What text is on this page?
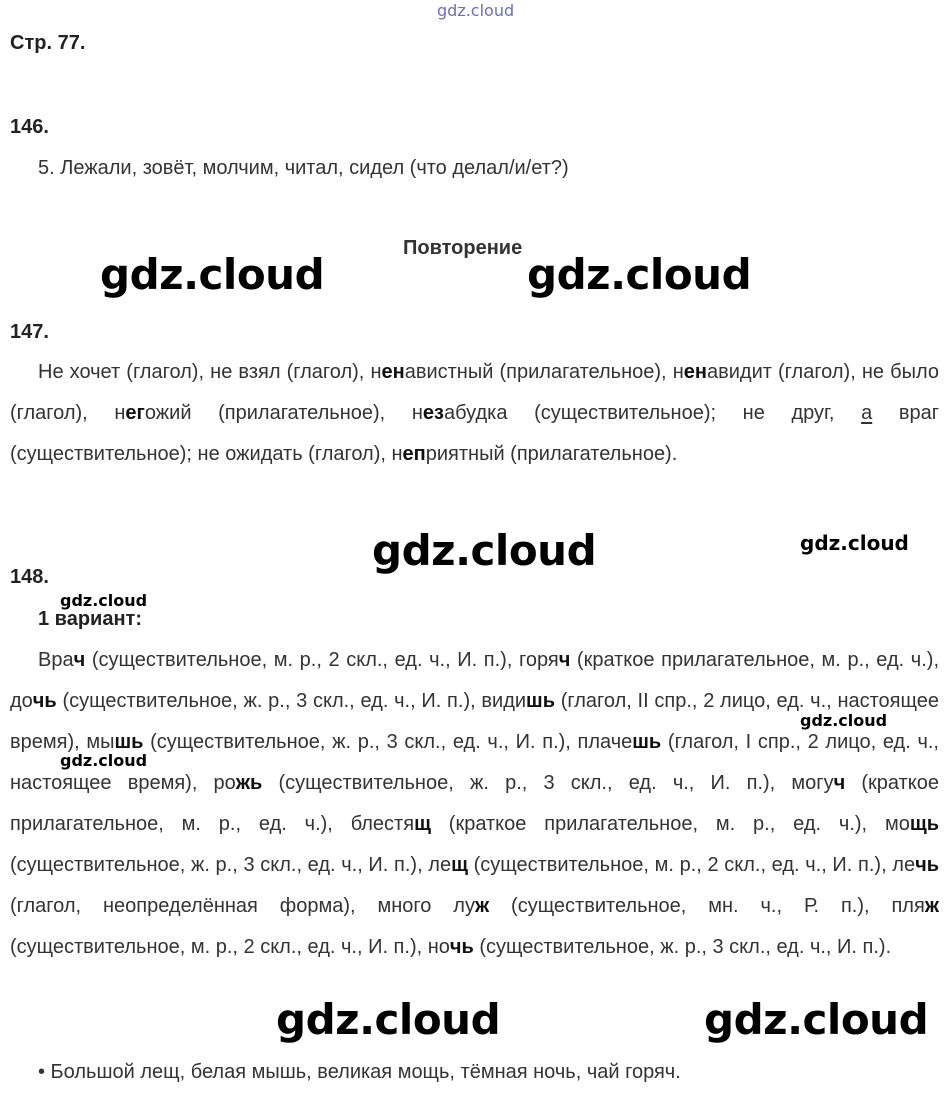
gdz.cloud
Стр. 77.
146.
5. Лежали, зовёт, молчим, читал, сидел (что делал/и/ет?)
Повторение
gdz.cloud	gdz.cloud
147.
Не хочет (глагол), не взял (глагол), ненавистный (прилагательное), ненавидит (глагол), не было (глагол), негожий (прилагательное), незабудка (существительное); не друг, а враг (существительное); не ожидать (глагол), неприятный (прилагательное).
gdz.cloud	gdz.cloud
148.
gdz.cloud
1 вариант:
Врач (существительное, м. р., 2 скл., ед. ч., И. п.), горяч (краткое прилагательное, м. р., ед. ч.), дочь (существительное, ж. р., 3 скл., ед. ч., И. п.), видишь (глагол, II спр., 2 лицо, ед. ч., настоящее время), мышь (существительное, ж. р., 3 скл., ед. ч., И. п.), плачешь (глагол, I спр., 2 лицо, ед. ч., настоящее время), рожь (существительное, ж. р., 3 скл., ед. ч., И. п.), могуч (краткое прилагательное, м. р., ед. ч.), блестящ (краткое прилагательное, м. р., ед. ч.), мощь (существительное, ж. р., 3 скл., ед. ч., И. п.), лещ (существительное, м. р., 2 скл., ед. ч., И. п.), лечь (глагол, неопределённая форма), много луж (существительное, мн. ч., Р. п.), пляж (существительное, м. р., 2 скл., ед. ч., И. п.), ночь (существительное, ж. р., 3 скл., ед. ч., И. п.).
gdz.cloud
gdz.cloud
gdz.cloud	gdz.cloud
• Большой лещ, белая мышь, великая мощь, тёмная ночь, чай горяч.
